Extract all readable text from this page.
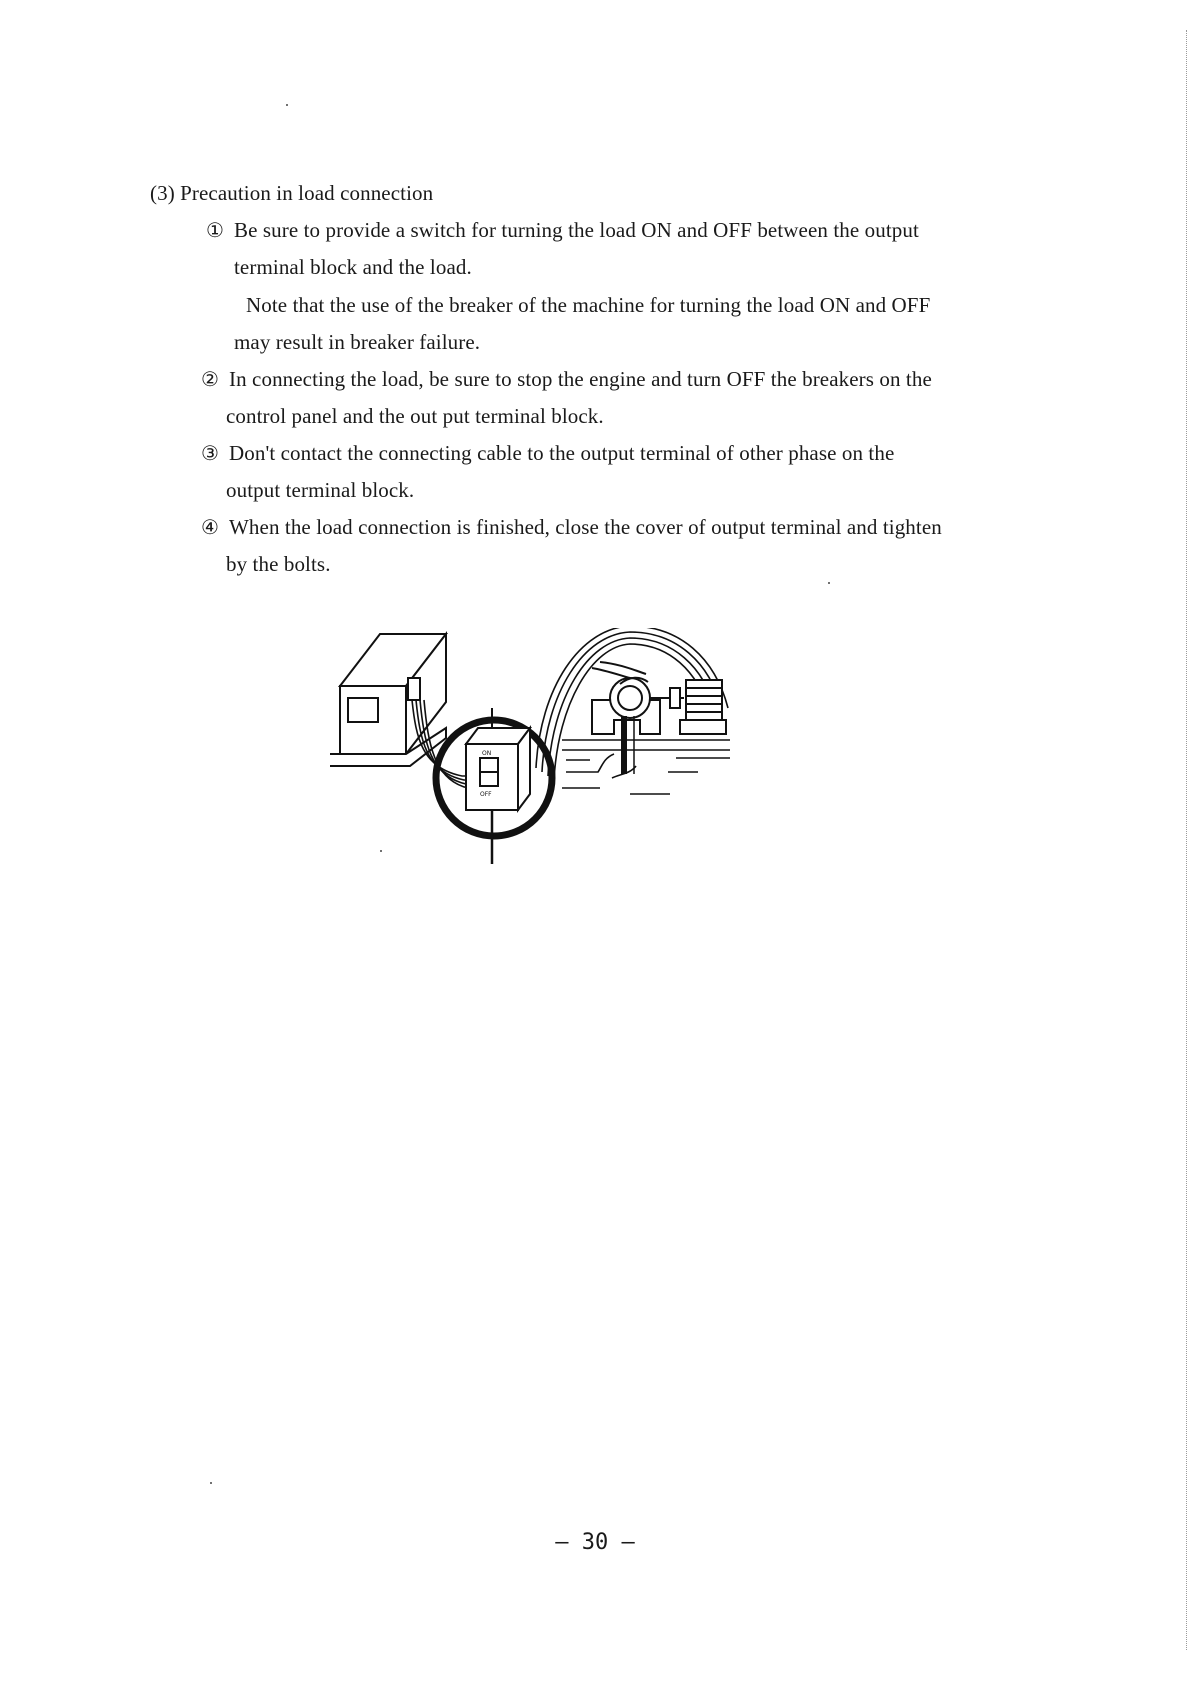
(3) Precaution in load connection
① Be sure to provide a switch for turning the load ON and OFF between the output
terminal block and the load.
Note that the use of the breaker of the machine for turning the load ON and OFF
may result in breaker failure.
② In connecting the load, be sure to stop the engine and turn OFF the breakers on the
control panel and the out put terminal block.
③ Don't contact the connecting cable to the output terminal of other phase on the
output terminal block.
④ When the load connection is finished, close the cover of output terminal and tighten
by the bolts.
ON
OFF
– 30 –
